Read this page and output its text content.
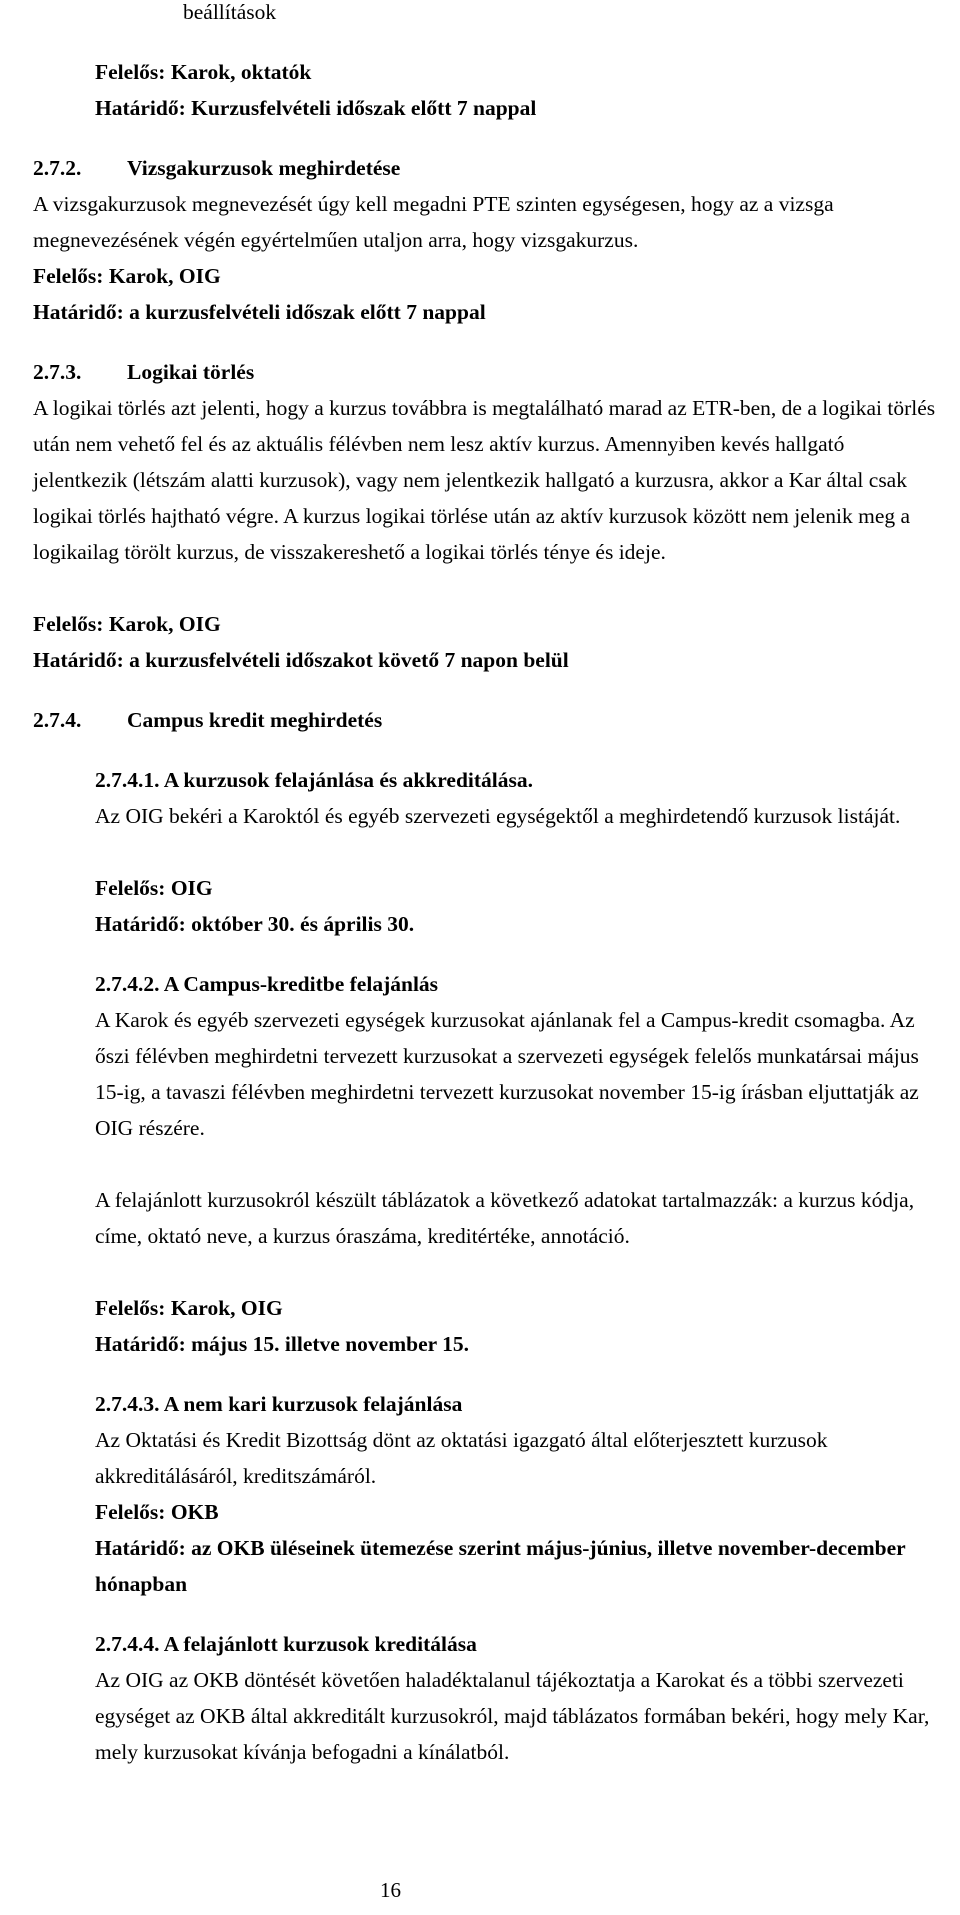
beállítások
Felelős: Karok, oktatók
Határidő: Kurzusfelvételi időszak előtt 7 nappal
2.7.2. Vizsgakurzusok meghirdetése
A vizsgakurzusok megnevezését úgy kell megadni PTE szinten egységesen, hogy az a vizsga megnevezésének végén egyértelműen utaljon arra, hogy vizsgakurzus.
Felelős: Karok, OIG
Határidő: a kurzusfelvételi időszak előtt 7 nappal
2.7.3. Logikai törlés
A logikai törlés azt jelenti, hogy a kurzus továbbra is megtalálható marad az ETR-ben, de a logikai törlés után nem vehető fel és az aktuális félévben nem lesz aktív kurzus. Amennyiben kevés hallgató jelentkezik (létszám alatti kurzusok), vagy nem jelentkezik hallgató a kurzusra, akkor a Kar által csak logikai törlés hajtható végre. A kurzus logikai törlése után az aktív kurzusok között nem jelenik meg a logikailag törölt kurzus, de visszakereshető a logikai törlés ténye és ideje.
Felelős: Karok, OIG
Határidő: a kurzusfelvételi időszakot követő 7 napon belül
2.7.4. Campus kredit meghirdetés
2.7.4.1. A kurzusok felajánlása és akkreditálása.
Az OIG bekéri a Karoktól és egyéb szervezeti egységektől a meghirdetendő kurzusok listáját.
Felelős: OIG
Határidő: október 30. és április 30.
2.7.4.2. A Campus-kreditbe felajánlás
A Karok és egyéb szervezeti egységek kurzusokat ajánlanak fel a Campus-kredit csomagba. Az őszi félévben meghirdetni tervezett kurzusokat a szervezeti egységek felelős munkatársai május 15-ig, a tavaszi félévben meghirdetni tervezett kurzusokat november 15-ig írásban eljuttatják az OIG részére.
A felajánlott kurzusokról készült táblázatok a következő adatokat tartalmazzák: a kurzus kódja, címe, oktató neve, a kurzus óraszáma, kreditértéke, annotáció.
Felelős: Karok, OIG
Határidő: május 15. illetve november 15.
2.7.4.3. A nem kari kurzusok felajánlása
Az Oktatási és Kredit Bizottság dönt az oktatási igazgató által előterjesztett kurzusok akkreditálásáról, kreditszámáról.
Felelős: OKB
Határidő: az OKB üléseinek ütemezése szerint május-június, illetve november-december hónapban
2.7.4.4. A felajánlott kurzusok kreditálása
Az OIG az OKB döntését követően haladéktalanul tájékoztatja a Karokat és a többi szervezeti egységet az OKB által akkreditált kurzusokról, majd táblázatos formában bekéri, hogy mely Kar, mely kurzusokat kívánja befogadni a kínálatból.
16
